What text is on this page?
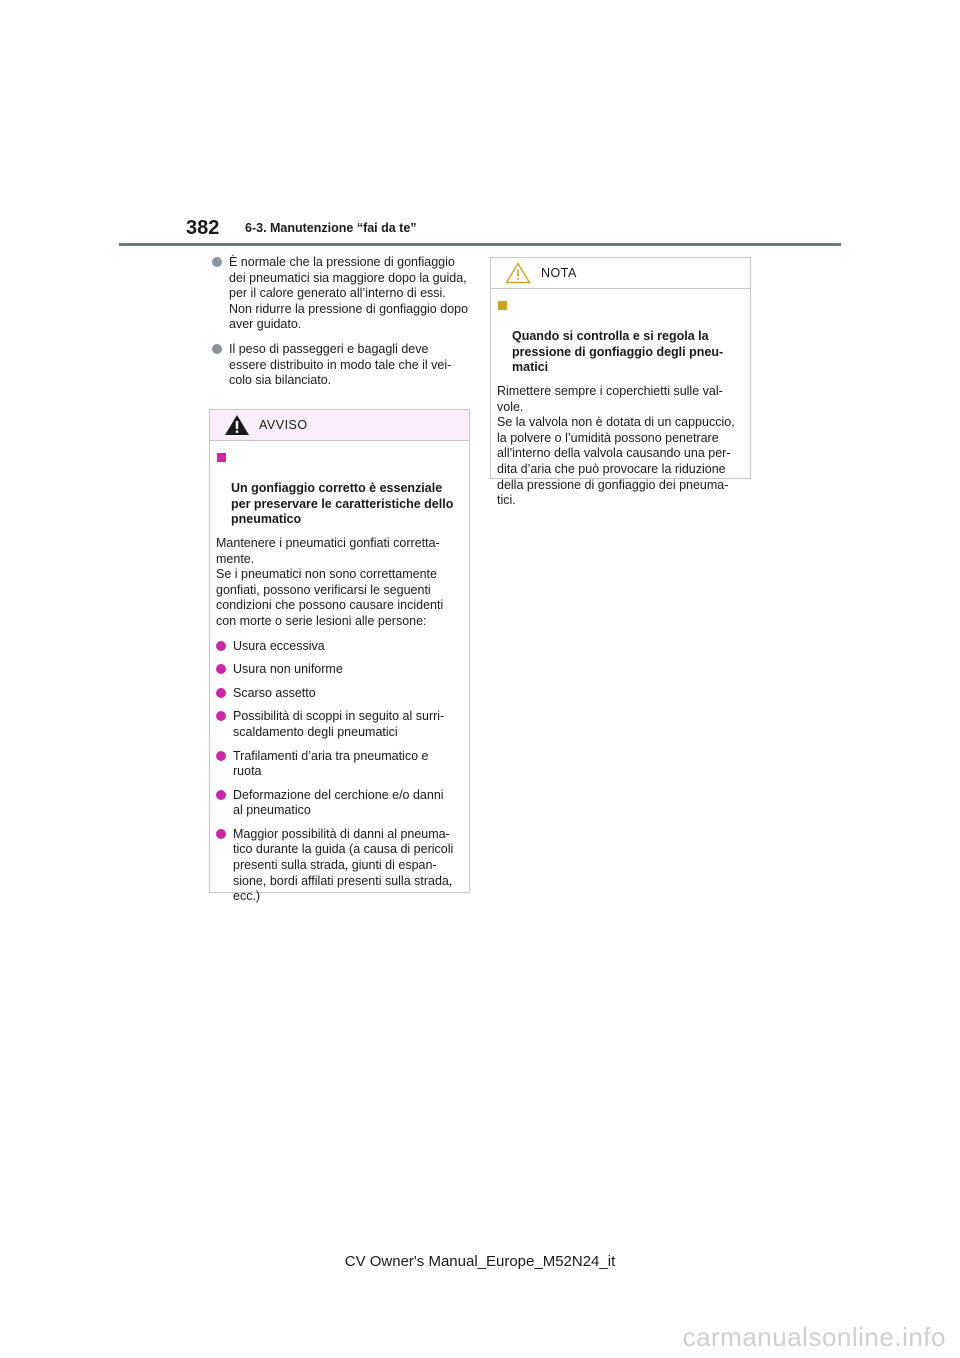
382 6-3. Manutenzione “fai da te”
È normale che la pressione di gonfiaggio
dei pneumatici sia maggiore dopo la guida,
per il calore generato all’interno di essi.
Non ridurre la pressione di gonfiaggio dopo
aver guidato.
Il peso di passeggeri e bagagli deve
essere distribuito in modo tale che il vei-
colo sia bilanciato.
AVVISO

Un gonfiaggio corretto è essenziale
per preservare le caratteristiche dello
pneumatico

Mantenere i pneumatici gonfiati corretta-
mente.
Se i pneumatici non sono correttamente
gonfiati, possono verificarsi le seguenti
condizioni che possono causare incidenti
con morte o serie lesioni alle persone:
Usura eccessiva
Usura non uniforme
Scarso assetto
Possibilità di scoppi in seguito al surri-
scaldamento degli pneumatici
Trafilamenti d’aria tra pneumatico e
ruota
Deformazione del cerchione e/o danni
al pneumatico
Maggior possibilità di danni al pneuma-
tico durante la guida (a causa di pericoli
presenti sulla strada, giunti di espan-
sione, bordi affilati presenti sulla strada,
ecc.)
NOTA

Quando si controlla e si regola la
pressione di gonfiaggio degli pneu-
matici

Rimettere sempre i coperchietti sulle val-
vole.
Se la valvola non è dotata di un cappuccio,
la polvere o l’umidità possono penetrare
all’interno della valvola causando una per-
dita d’aria che può provocare la riduzione
della pressione di gonfiaggio dei pneuma-
tici.
CV Owner's Manual_Europe_M52N24_it
carmanualsonline.info
